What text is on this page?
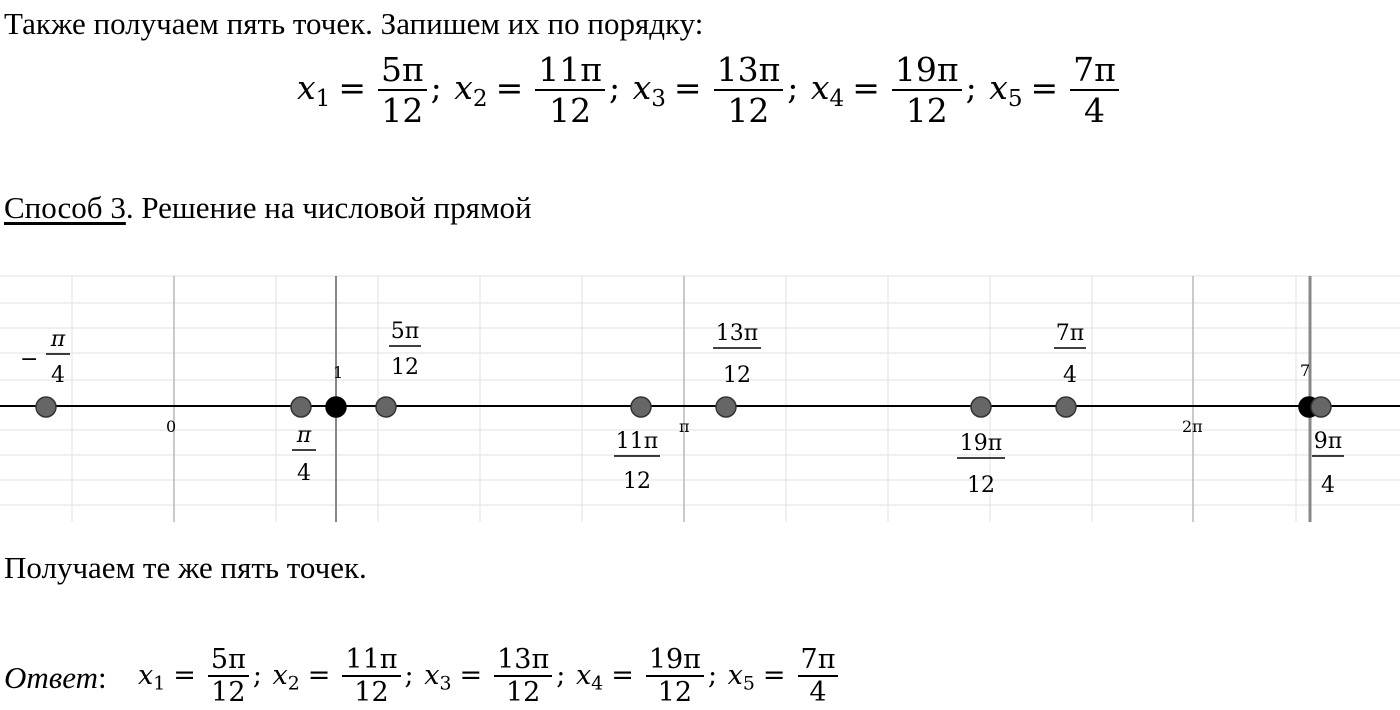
Также получаем пять точек. Запишем их по порядку:
$x_1 = \frac{5\pi}{12}$ ; $x_2 = \frac{11\pi}{12}$ ; $x_3 = \frac{13\pi}{12}$ ; $x_4 = \frac{19\pi}{12}$ ; $x_5 = \frac{7\pi}{4}$
Способ 3. Решение на числовой прямой
0
1
π	2π
7
−
π
4
π
4
5π
12
11π
12
13π
12
19π
12
7π
4
9π
4
Получаем те же пять точек.
Ответ: $x_1 = \frac{5\pi}{12}$ ; $x_2 = \frac{11\pi}{12}$ ; $x_3 = \frac{13\pi}{12}$ ; $x_4 = \frac{19\pi}{12}$ ; $x_5 = \frac{7\pi}{4}$
